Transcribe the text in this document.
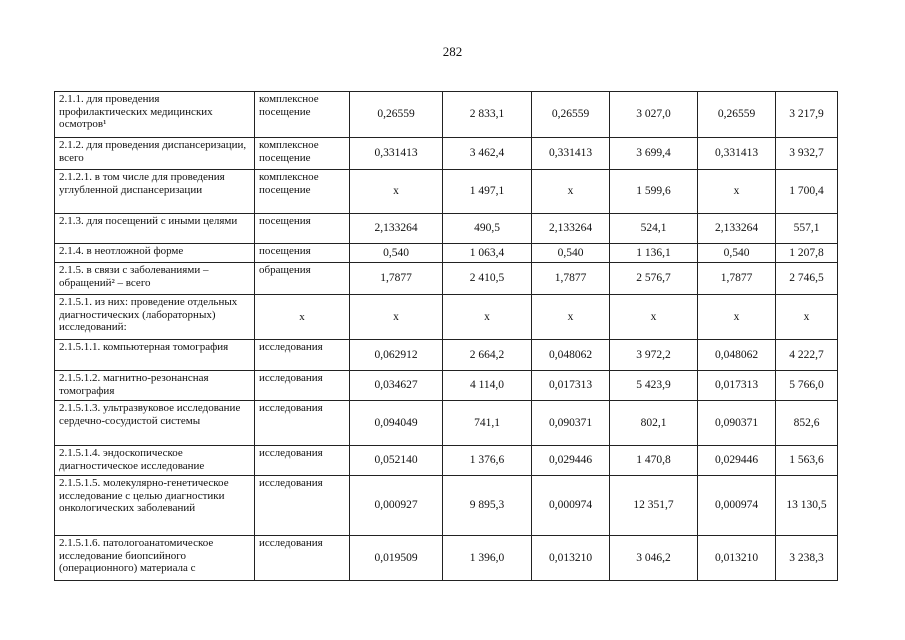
282
2.1.1. для проведения профилактических медицинских осмотров¹	комплексное посещение	0,26559	2 833,1	0,26559	3 027,0	0,26559	3 217,9
2.1.2. для проведения диспансеризации, всего	комплексное посещение	0,331413	3 462,4	0,331413	3 699,4	0,331413	3 932,7
2.1.2.1. в том числе для проведения углубленной диспансеризации	комплексное посещение	х	1 497,1	х	1 599,6	х	1 700,4
2.1.3. для посещений с иными целями	посещения	2,133264	490,5	2,133264	524,1	2,133264	557,1
2.1.4. в неотложной форме	посещения	0,540	1 063,4	0,540	1 136,1	0,540	1 207,8
2.1.5. в связи с заболеваниями – обращений² – всего	обращения	1,7877	2 410,5	1,7877	2 576,7	1,7877	2 746,5
2.1.5.1. из них: проведение отдельных диагностических (лабораторных) исследований:	х	х	х	х	х	х	х
2.1.5.1.1. компьютерная томография	исследования	0,062912	2 664,2	0,048062	3 972,2	0,048062	4 222,7
2.1.5.1.2. магнитно-резонансная томография	исследования	0,034627	4 114,0	0,017313	5 423,9	0,017313	5 766,0
2.1.5.1.3. ультразвуковое исследование сердечно-сосудистой системы	исследования	0,094049	741,1	0,090371	802,1	0,090371	852,6
2.1.5.1.4. эндоскопическое диагностическое исследование	исследования	0,052140	1 376,6	0,029446	1 470,8	0,029446	1 563,6
2.1.5.1.5. молекулярно-генетическое исследование с целью диагностики онкологических заболеваний	исследования	0,000927	9 895,3	0,000974	12 351,7	0,000974	13 130,5
2.1.5.1.6. патологоанатомическое исследование биопсийного (операционного) материала с	исследования	0,019509	1 396,0	0,013210	3 046,2	0,013210	3 238,3
